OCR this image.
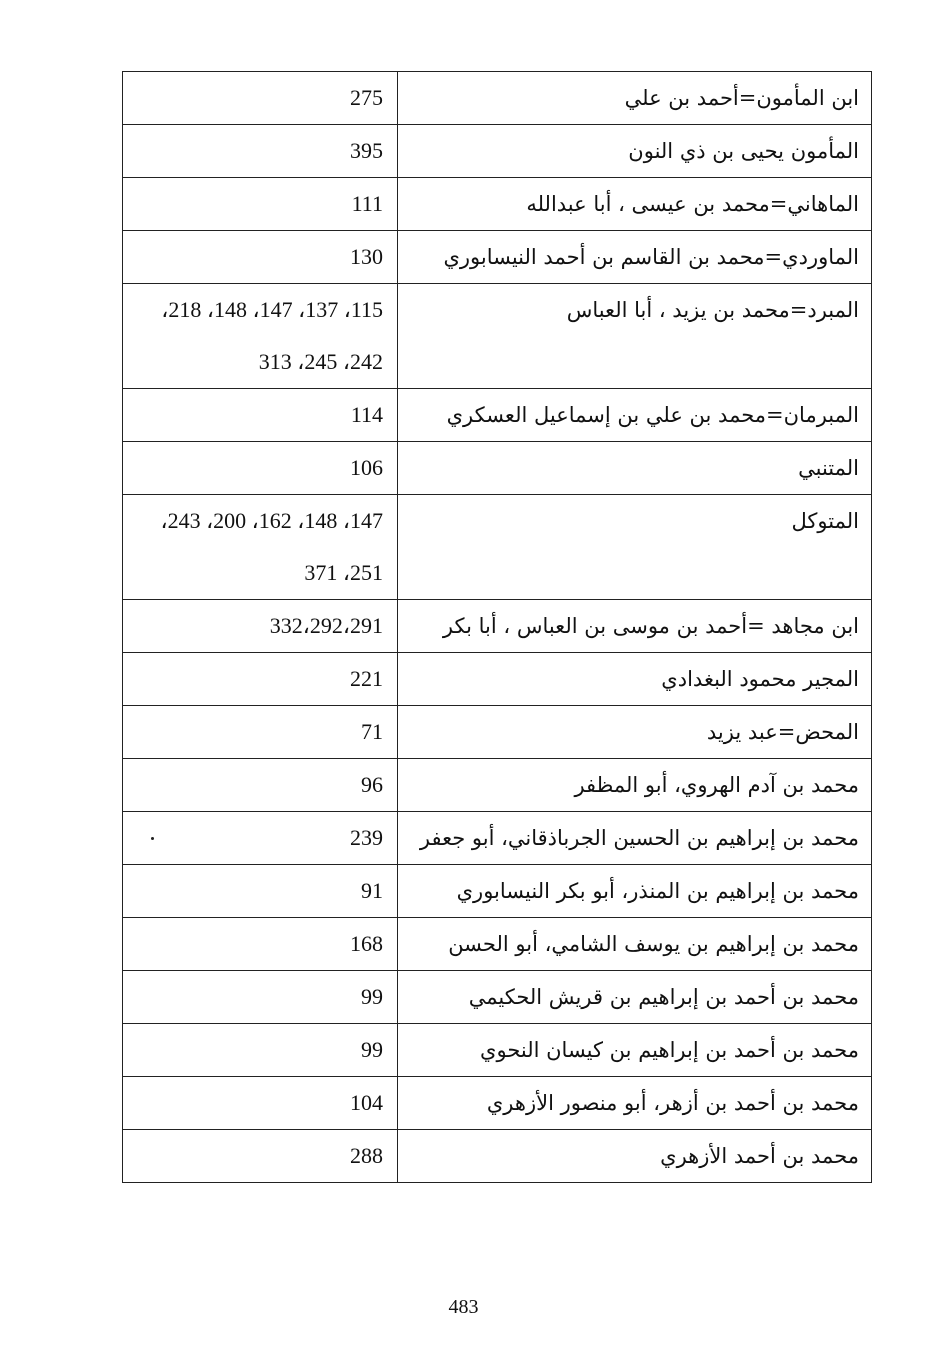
275	ابن المأمون=أحمد بن علي

395	المأمون يحيى بن ذي النون

111	الماهاني=محمد بن عيسى ، أبا عبدالله

130	الماوردي=محمد بن القاسم بن أحمد النيسابوري

115، 137، 147، 148، 218،
242، 245، 313	المبرد=محمد بن يزيد ، أبا العباس

114	المبرمان=محمد بن علي بن إسماعيل العسكري

106	المتنبي

147، 148، 162، 200، 243،
251، 371	المتوكل

332،292،291	ابن مجاهد =أحمد بن موسى بن العباس ، أبا بكر

221	المجير محمود البغدادي

71	المحض=عبد يزيد

96	محمد بن آدم الهروي، أبو المظفر

239	محمد بن إبراهيم بن الحسين الجرباذقاني، أبو جعفر

91	محمد بن إبراهيم بن المنذر، أبو بكر النيسابوري

168	محمد بن إبراهيم بن يوسف الشامي، أبو الحسن

99	محمد بن أحمد بن إبراهيم بن قريش الحكيمي

99	محمد بن أحمد بن إبراهيم بن كيسان النحوي

104	محمد بن أحمد بن أزهر، أبو منصور الأزهري

288	محمد بن أحمد الأزهري
483
